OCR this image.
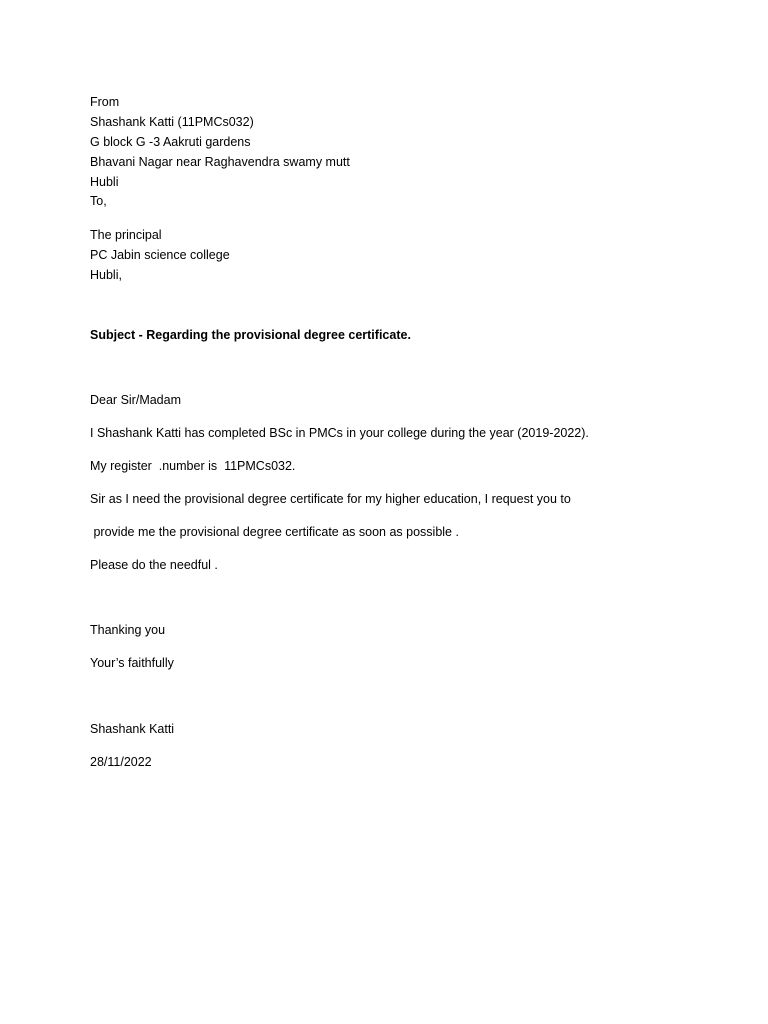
From

Shashank Katti (11PMCs032)

G block G -3 Aakruti gardens

Bhavani Nagar near Raghavendra swamy mutt

Hubli

To,

The principal

PC Jabin science college

Hubli,

Subject - Regarding the provisional degree certificate.

Dear Sir/Madam

I Shashank Katti has completed BSc in PMCs in your college during the year (2019-2022).

My register  .number is  11PMCs032.

Sir as I need the provisional degree certificate for my higher education, I request you to

provide me the provisional degree certificate as soon as possible .

Please do the needful .

Thanking you

Your’s faithfully

Shashank Katti

28/11/2022
